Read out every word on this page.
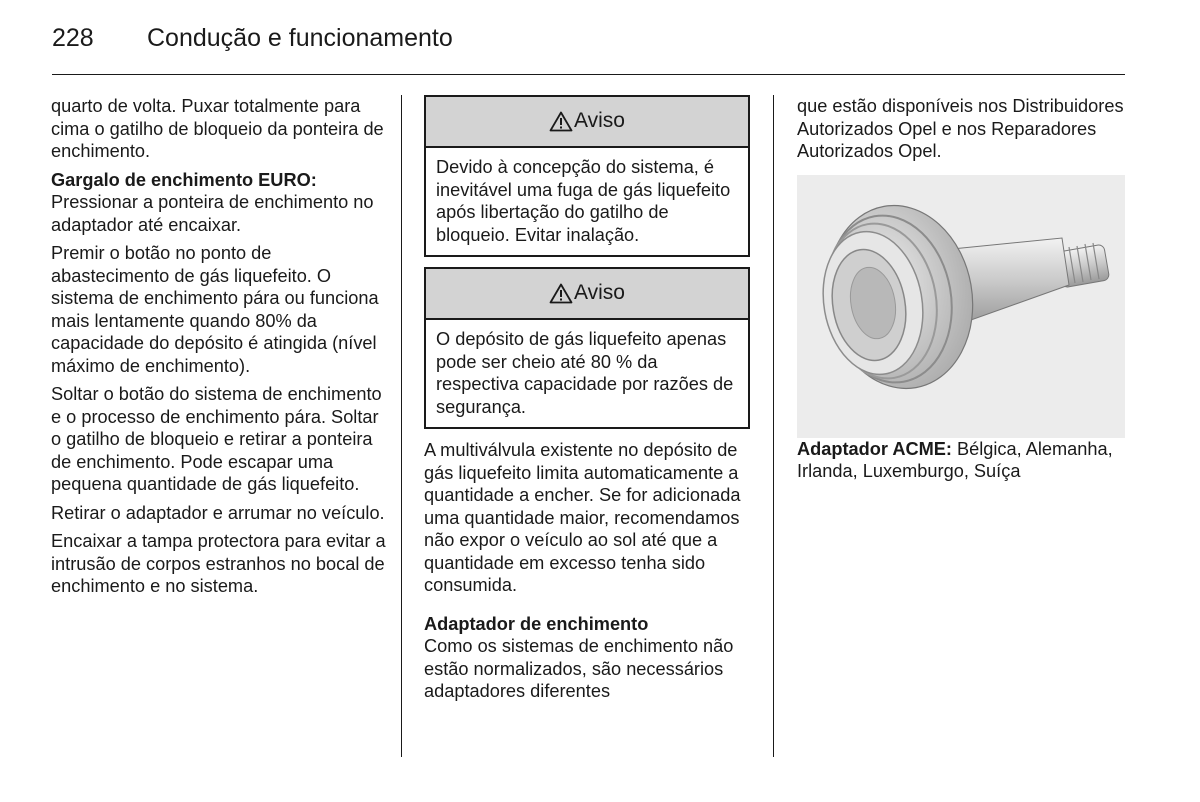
228 Condução e funcionamento

quarto de volta. Puxar totalmente para cima o gatilho de bloqueio da ponteira de enchimento.

Gargalo de enchimento EURO:
Pressionar a ponteira de enchimento no adaptador até encaixar.

Premir o botão no ponto de abastecimento de gás liquefeito. O sistema de enchimento pára ou funciona mais lentamente quando 80% da capacidade do depósito é atingida (nível máximo de enchimento).

Soltar o botão do sistema de enchimento e o processo de enchimento pára. Soltar o gatilho de bloqueio e retirar a ponteira de enchimento. Pode escapar uma pequena quantidade de gás liquefeito.

Retirar o adaptador e arrumar no veículo.

Encaixar a tampa protectora para evitar a intrusão de corpos estranhos no bocal de enchimento e no sistema.

Aviso
Devido à concepção do sistema, é inevitável uma fuga de gás liquefeito após libertação do gatilho de bloqueio. Evitar inalação.
Aviso
O depósito de gás liquefeito apenas pode ser cheio até 80 % da respectiva capacidade por razões de segurança.

A multiválvula existente no depósito de gás liquefeito limita automaticamente a quantidade a encher. Se for adicionada uma quantidade maior, recomendamos não expor o veículo ao sol até que a quantidade em excesso tenha sido consumida.

Adaptador de enchimento
Como os sistemas de enchimento não estão normalizados, são necessários adaptadores diferentes

que estão disponíveis nos Distribuidores Autorizados Opel e nos Reparadores Autorizados Opel.

Adaptador ACME: Bélgica, Alemanha, Irlanda, Luxemburgo, Suíça
